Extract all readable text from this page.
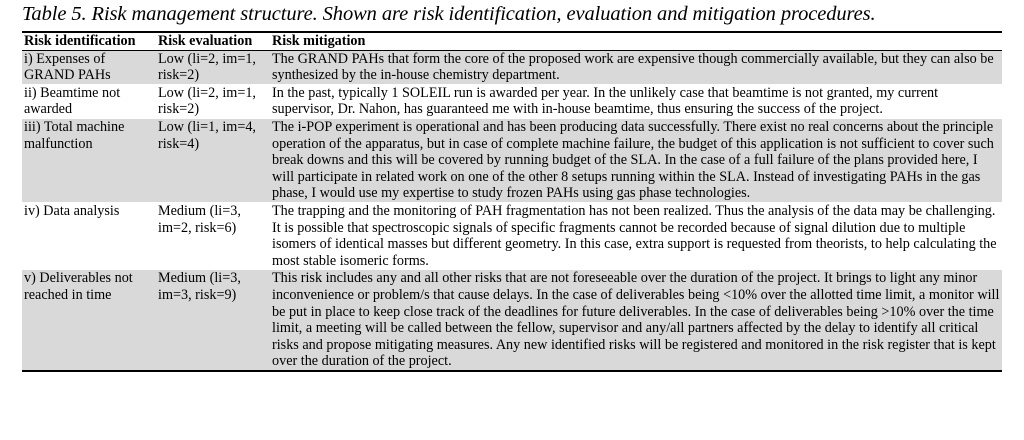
Table 5. Risk management structure. Shown are risk identification, evaluation and mitigation procedures.
Risk identification	Risk evaluation	Risk mitigation
i) Expenses of GRAND PAHs	Low (li=2, im=1, risk=2)	The GRAND PAHs that form the core of the proposed work are expensive though commercially available, but they can also be synthesized by the in-house chemistry department.
ii) Beamtime not awarded	Low (li=2, im=1, risk=2)	In the past, typically 1 SOLEIL run is awarded per year. In the unlikely case that beamtime is not granted, my current supervisor, Dr. Nahon, has guaranteed me with in-house beamtime, thus ensuring the success of the project.
iii) Total machine malfunction	Low (li=1, im=4, risk=4)	The i-POP experiment is operational and has been producing data successfully. There exist no real concerns about the principle operation of the apparatus, but in case of complete machine failure, the budget of this application is not sufficient to cover such break downs and this will be covered by running budget of the SLA. In the case of a full failure of the plans provided here, I will participate in related work on one of the other 8 setups running within the SLA. Instead of investigating PAHs in the gas phase, I would use my expertise to study frozen PAHs using gas phase technologies.
iv) Data analysis	Medium (li=3, im=2, risk=6)	The trapping and the monitoring of PAH fragmentation has not been realized. Thus the analysis of the data may be challenging. It is possible that spectroscopic signals of specific fragments cannot be recorded because of signal dilution due to multiple isomers of identical masses but different geometry. In this case, extra support is requested from theorists, to help calculating the most stable isomeric forms.
v) Deliverables not reached in time	Medium (li=3, im=3, risk=9)	This risk includes any and all other risks that are not foreseeable over the duration of the project. It brings to light any minor inconvenience or problem/s that cause delays. In the case of deliverables being <10% over the allotted time limit, a monitor will be put in place to keep close track of the deadlines for future deliverables. In the case of deliverables being >10% over the time limit, a meeting will be called between the fellow, supervisor and any/all partners affected by the delay to identify all critical risks and propose mitigating measures. Any new identified risks will be registered and monitored in the risk register that is kept over the duration of the project.
